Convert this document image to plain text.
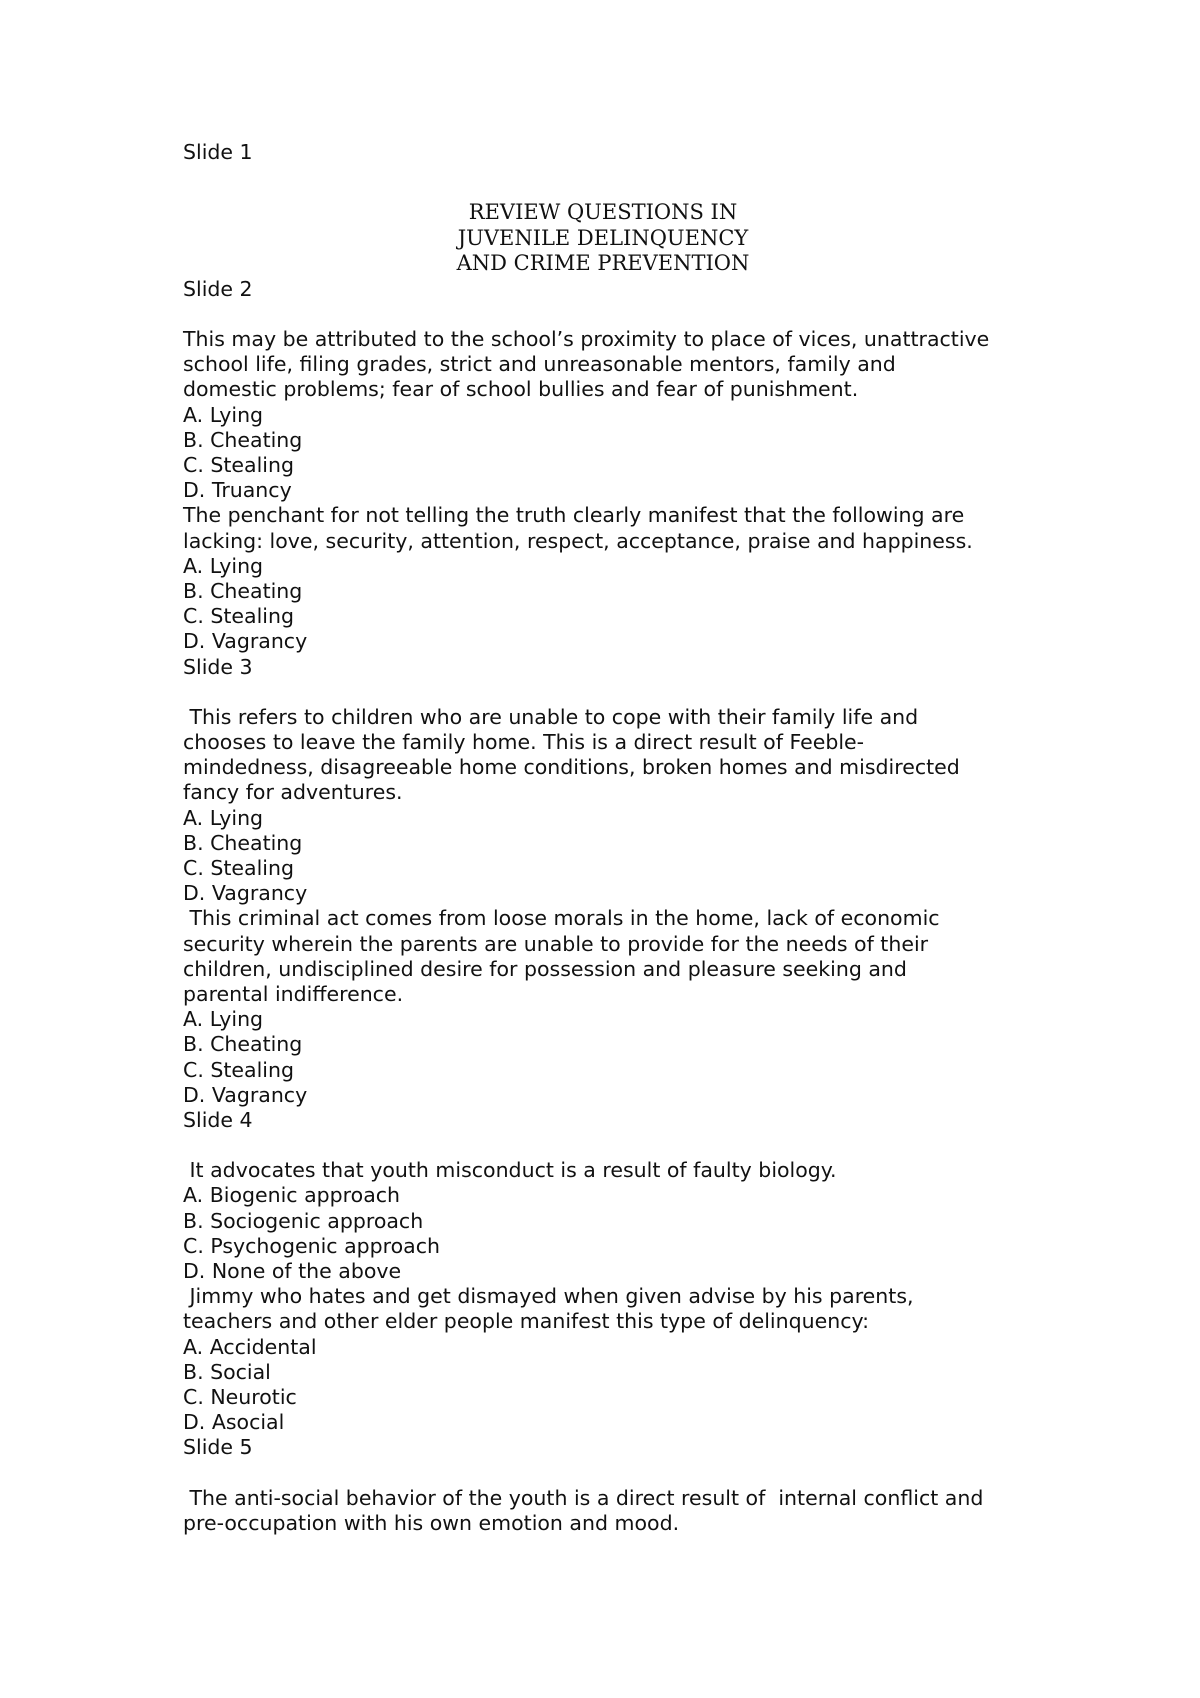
Slide 1

REVIEW QUESTIONS IN

JUVENILE DELINQUENCY

AND CRIME PREVENTION

Slide 2

This may be attributed to the school’s proximity to place of vices, unattractive

school life, filing grades, strict and unreasonable mentors, family and

domestic problems; fear of school bullies and fear of punishment.

A. Lying

B. Cheating

C. Stealing

D. Truancy

The penchant for not telling the truth clearly manifest that the following are

lacking: love, security, attention, respect, acceptance, praise and happiness.

A. Lying

B. Cheating

C. Stealing

D. Vagrancy

Slide 3

This refers to children who are unable to cope with their family life and

chooses to leave the family home. This is a direct result of Feeble-

mindedness, disagreeable home conditions, broken homes and misdirected

fancy for adventures.

A. Lying

B. Cheating

C. Stealing

D. Vagrancy

This criminal act comes from loose morals in the home, lack of economic

security wherein the parents are unable to provide for the needs of their

children, undisciplined desire for possession and pleasure seeking and

parental indifference.

A. Lying

B. Cheating

C. Stealing

D. Vagrancy

Slide 4

It advocates that youth misconduct is a result of faulty biology.

A. Biogenic approach

B. Sociogenic approach

C. Psychogenic approach

D. None of the above

Jimmy who hates and get dismayed when given advise by his parents,

teachers and other elder people manifest this type of delinquency:

A. Accidental

B. Social

C. Neurotic

D. Asocial

Slide 5

The anti-social behavior of the youth is a direct result of  internal conflict and

pre-occupation with his own emotion and mood.
